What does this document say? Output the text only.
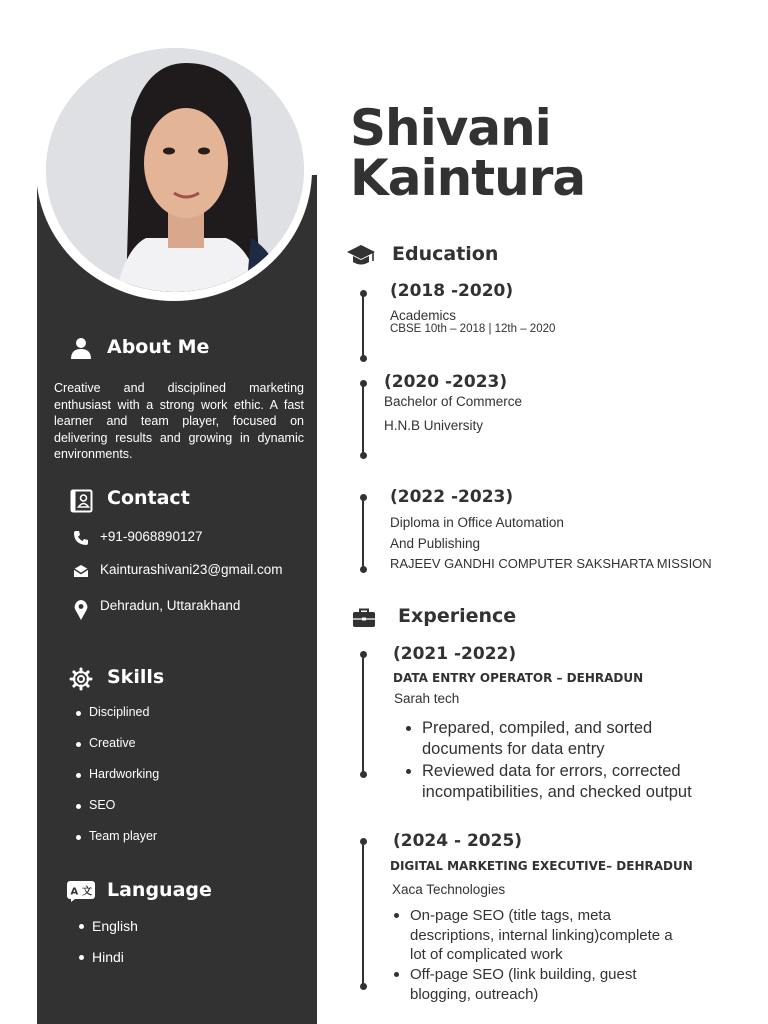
Shivani
Kaintura
About Me
Creative and disciplined marketing enthusiast with a strong work ethic. A fast learner and team player, focused on delivering results and growing in dynamic environments.
Contact
+91-9068890127
Kainturashivani23@gmail.com
Dehradun, Uttarakhand
Skills
Disciplined
Creative
Hardworking
SEO
Team player
A 文 Language
English
Hindi
Education
(2018 -2020)
Academics
CBSE 10th – 2018 | 12th – 2020
(2020 -2023)
Bachelor of Commerce
H.N.B University
(2022 -2023)
Diploma in Office Automation
And Publishing
RAJEEV GANDHI COMPUTER SAKSHARTA MISSION
Experience
(2021 -2022)
DATA ENTRY OPERATOR – DEHRADUN
Sarah tech
Prepared, compiled, and sorted
documents for data entry
Reviewed data for errors, corrected
incompatibilities, and checked output
(2024 - 2025)
DIGITAL MARKETING EXECUTIVE– DEHRADUN
Xaca Technologies
On-page SEO (title tags, meta
descriptions, internal linking)complete a
lot of complicated work
Off-page SEO (link building, guest
blogging, outreach)
